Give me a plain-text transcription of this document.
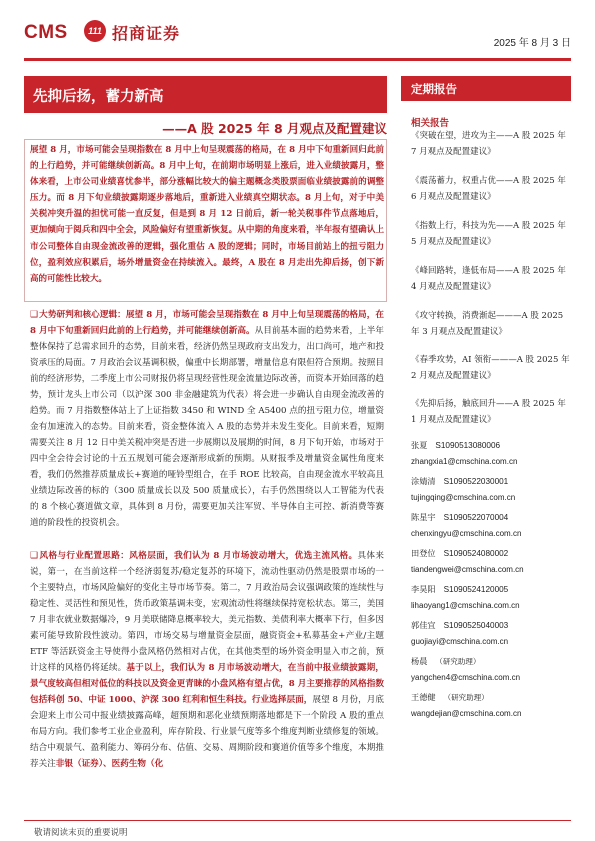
CMS	111 招商证券
2025 年 8 月 3 日
先抑后扬，蓄力新高	定期报告
——A 股 2025 年 8 月观点及配置建议
展望 8 月，市场可能会呈现指数在 8 月中上旬呈现震荡的格局，在 8 月中下旬重新回归此前的上行趋势，并可能继续创新高。8 月中上旬，在前期市场明显上涨后，进入业绩披露月，整体来看，上市公司业绩喜忧参半，部分涨幅比较大的偏主题概念类股票面临业绩披露前的调整压力。而 8 月下旬业绩披露期逐步落地后，重新进入业绩真空期状态。8 月上旬，对于中美关税冲突升温的担忧可能一直反复，但是到 8 月 12 日前后，新一轮关税事件节点落地后，更加倾向于阅兵和四中全会，风险偏好有望重新恢复。从中期的角度来看，半年报有望确认上市公司整体自由现金流改善的逻辑，强化重估 A 股的逻辑；同时，市场目前站上的扭亏阻力位，盈利效应积累后，场外增量资金在持续流入。最终，A 股在 8 月走出先抑后扬，创下新高的可能性比较大。
❑大势研判和核心逻辑：展望 8 月，市场可能会呈现指数在 8 月中上旬呈现震荡的格局，在 8 月中下旬重新回归此前的上行趋势，并可能继续创新高。从目前基本面的趋势来看，上半年整体保持了总需求回升的态势，目前来看，经济仍然呈现政府支出发力，出口尚可，地产和投资承压的局面。7 月政治会议基调积极，偏重中长期部署，增量信息有限但符合预期。按照目前的经济形势，二季度上市公司财报仍将呈现经营性现金流量边际改善，而资本开始回落的趋势，预计龙头上市公司（以沪深 300 非金融建筑为代表）将会进一步确认自由现金流改善的趋势。而 7 月指数整体站上了上证指数 3450 和 WIND 全 A5400 点的扭亏阻力位，增量资金有加速流入的态势。目前来看，资金整体流入 A 股的态势并未发生变化。目前来看，短期需要关注 8 月 12 日中美关税冲突是否进一步展期以及展期的时间，8 月下旬开始，市场对于四中全会待会讨论的十五五规划可能会逐渐形成新的预期。从财报季及增量资金属性角度来看，我们仍然推荐质量成长+赛道的哑铃型组合，在手 ROE 比较高，自由现金流水平较高且业绩边际改善的标的（300 质量成长以及 500 质量成长），右手仍然围绕以人工智能为代表的 8 个核心赛道做文章，具体到 8 月份，需要更加关注军贸、半导体自主可控、新消费等赛道的阶段性的投资机会。
❑风格与行业配置思路：风格层面，我们认为 8 月市场波动增大，优选主流风格。具体来说，第一，在当前这样一个经济弱复苏/稳定复苏的环境下，流动性驱动仍然是股票市场的一个主要特点，市场风险偏好的变化主导市场节奏。第二，7 月政治局会议强调政策的连续性与稳定性、灵活性和预见性，货币政策基调未变，宏观流动性将继续保持宽松状态。第三，美国 7 月非农就业数据爆冷，9 月美联储降息概率较大，美元指数、美债利率大概率下行，但多因素可能导致阶段性波动。第四，市场交易与增量资金层面，融资资金+私募基金+产业/主题 ETF 等活跃资金主导使得小盘风格仍然相对占优，在其他类型的场外资金明显入市之前，预计这样的风格仍将延续。基于以上，我们认为 8 月市场波动增大，在当前中报业绩披露期，景气度较高但相对低位的科技以及资金更青睐的小盘风格有望占优，8 月主要推荐的风格指数包括科创 50、中证 1000、沪深 300 红利和恒生科技。行业选择层面，展望 8 月份，月底会迎来上市公司中报业绩披露高峰，超预期和恶化业绩预期落地都是下一个阶段 A 股的重点布局方向。我们参考工业企业盈利，库存阶段、行业景气度等多个维度判断业绩修复的领域。结合中观景气、盈利能力、筹码分布、估值、交易、周期阶段和赛道价值等多个维度，本期推荐关注非银（证券）、医药生物（化
相关报告
《突破在望，进攻为主——A 股 2025 年 7 月观点及配置建议》
《震荡蓄力，权重占优——A 股 2025 年 6 月观点及配置建议》
《指数上行，科技为先——A 股 2025 年 5 月观点及配置建议》
《峰回路转，逢低布局——A 股 2025 年 4 月观点及配置建议》
《攻守转换，消费渐起———A 股 2025 年 3 月观点及配置建议》
《春季攻势，AI 领衔———A 股 2025 年 2 月观点及配置建议》
《先抑后扬，触底回升——A 股 2025 年 1 月观点及配置建议》
张夏 S1090513080006
zhangxia1@cmschina.com.cn
涂婧清 S1090522030001
tujingqing@cmschina.com.cn
陈星宇 S1090522070004
chenxingyu@cmschina.com.cn
田登位 S1090524080002
tiandengwei@cmschina.com.cn
李昊阳 S1090524120005
lihaoyang1@cmschina.com.cn
郭佳宜 S1090525040003
guojiayi@cmschina.com.cn
杨晨 （研究助理）
yangchen4@cmschina.com.cn
王德健 （研究助理）
wangdejian@cmschina.com.cn
敬请阅读末页的重要说明
